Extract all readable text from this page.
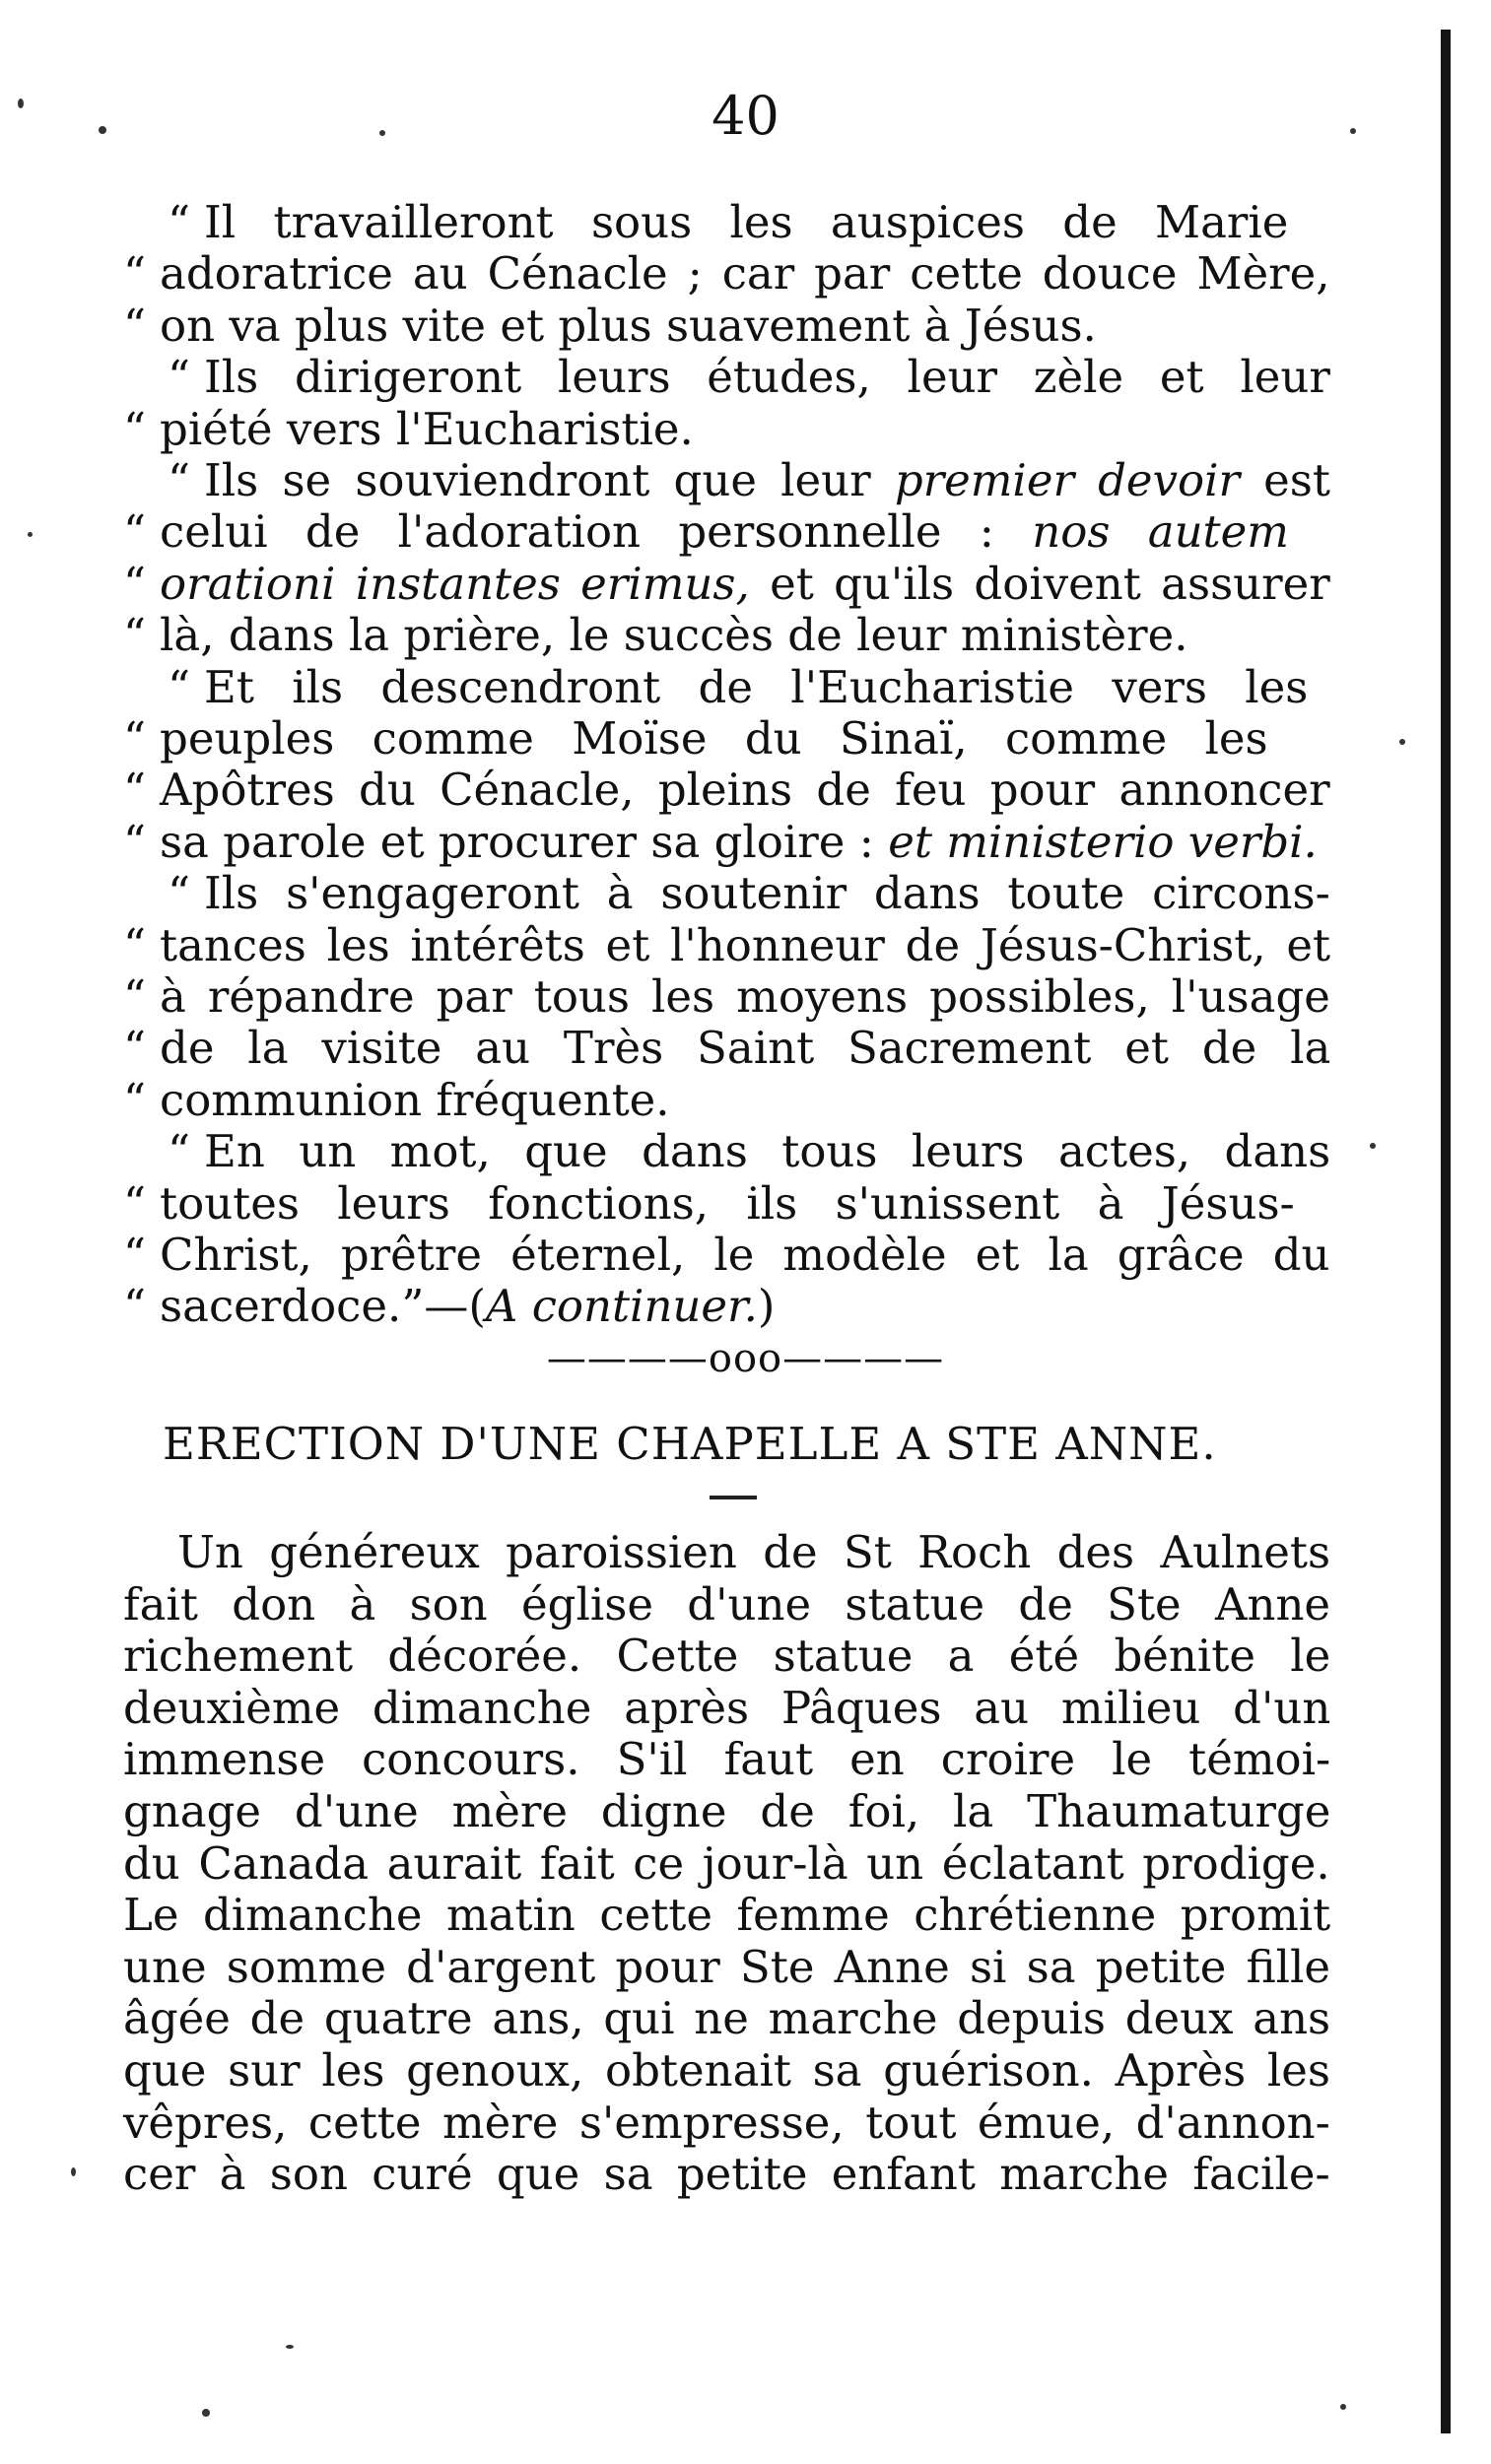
40
“ Il travailleront sous les auspices de Marie
“ adoratrice au Cénacle ; car par cette douce Mère,
“ on va plus vite et plus suavement à Jésus.
“ Ils dirigeront leurs études, leur zèle et leur
“ piété vers l'Eucharistie.
“ Ils se souviendront que leur premier devoir est
“ celui de l'adoration personnelle : nos autem
“ orationi instantes erimus, et qu'ils doivent assurer
“ là, dans la prière, le succès de leur ministère.
“ Et ils descendront de l'Eucharistie vers les
“ peuples comme Moïse du Sinaï, comme les
“ Apôtres du Cénacle, pleins de feu pour annoncer
“ sa parole et procurer sa gloire : et ministerio verbi.
“ Ils s'engageront à soutenir dans toute circons-
“ tances les intérêts et l'honneur de Jésus-Christ, et
“ à répandre par tous les moyens possibles, l'usage
“ de la visite au Très Saint Sacrement et de la
“ communion fréquente.
“ En un mot, que dans tous leurs actes, dans
“ toutes leurs fonctions, ils s'unissent à Jésus-
“ Christ, prêtre éternel, le modèle et la grâce du
“ sacerdoce.”—(A continuer.)
————ooo————
ERECTION D'UNE CHAPELLE A STE ANNE.
Un généreux paroissien de St Roch des Aulnets
fait don à son église d'une statue de Ste Anne
richement décorée. Cette statue a été bénite le
deuxième dimanche après Pâques au milieu d'un
immense concours. S'il faut en croire le témoi-
gnage d'une mère digne de foi, la Thaumaturge
du Canada aurait fait ce jour-là un éclatant prodige.
Le dimanche matin cette femme chrétienne promit
une somme d'argent pour Ste Anne si sa petite fille
âgée de quatre ans, qui ne marche depuis deux ans
que sur les genoux, obtenait sa guérison. Après les
vêpres, cette mère s'empresse, tout émue, d'annon-
cer à son curé que sa petite enfant marche facile-
